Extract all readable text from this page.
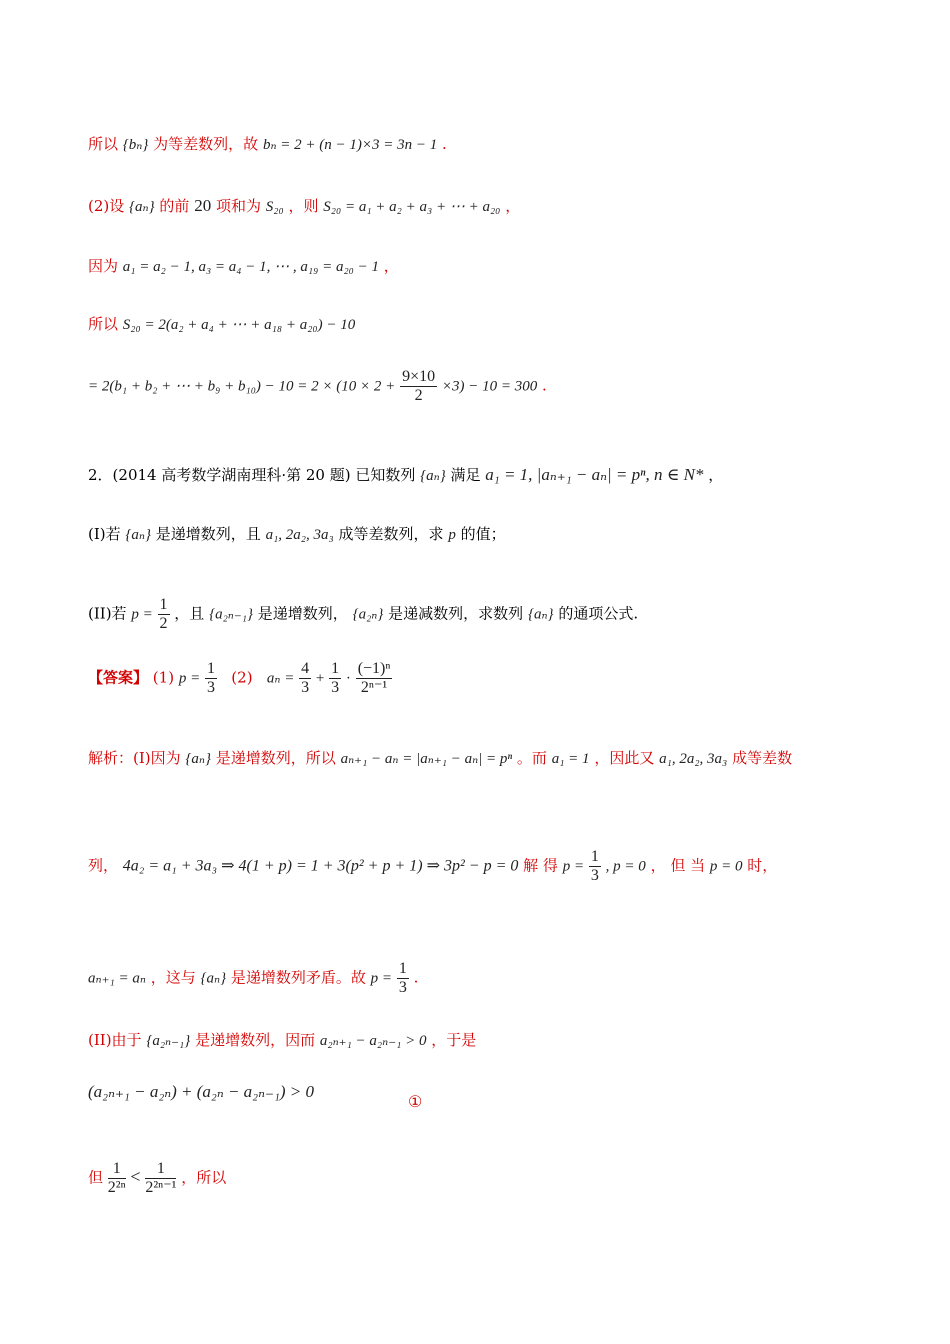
所以 {bₙ} 为等差数列，故 bₙ = 2 + (n − 1)×3 = 3n − 1 .
(2)设 {aₙ} 的前 20 项和为 S₂₀ ，则 S₂₀ = a₁ + a₂ + a₃ + ⋯ + a₂₀ ，
因为 a₁ = a₂ − 1, a₃ = a₄ − 1, ⋯ , a₁₉ = a₂₀ − 1 ，
所以 S₂₀ = 2(a₂ + a₄ + ⋯ + a₁₈ + a₂₀) − 10
= 2(b₁ + b₂ + ⋯ + $b_9 + b_{10}) - 10 = 2 \times (10 \times 2 + \frac{9\times 10}{2} \times 3) - 10 = 300$ .
2．(2014 高考数学湖南理科·第 20 题) 已知数列 {aₙ} 满足 a₁ = 1, |aₙ₊₁ − aₙ| = pⁿ, n ∈ N* ，
(I)若 {aₙ} 是递增数列，且 a₁, 2a₂, 3a₃ 成等差数列，求 p 的值；
(II)若 $p = \frac{1}{2}$ ，且 {a₂ₙ₋₁} 是递增数列， {a₂ₙ} 是递减数列，求数列 {aₙ} 的通项公式.
【答案】 (1) $p = \frac{1}{3} (2) a_n = \frac{4}{3} + \frac{1}{3} \cdot \frac{\text{(−1)ⁿ}}{\text{2ⁿ⁻¹}}$
解析：(I)因为 {aₙ} 是递增数列，所以 aₙ₊₁ − aₙ = |aₙ₊₁ − aₙ| = pⁿ 。而 a₁ = 1 ，因此又 a₁, 2a₂, 3a₃ 成等差数
列， 4a₂ = a₁ + 3a₃ ⇒ 4(1 + p) = 1 + 3(p² + p + 1) ⇒ 3p² − p = 0 解 得 $p = \frac{1}{3}$ , p = 0 ， 但 当 p = 0 时，
aₙ₊₁ = aₙ ，这与 {aₙ} 是递增数列矛盾。故 $p = \frac{1}{3}$ .
(II)由于 {a₂ₙ₋₁} 是递增数列，因而 a₂ₙ₊₁ − a₂ₙ₋₁ > 0 ，于是
(a₂ₙ₊₁ − a₂ₙ) + (a₂ₙ − a₂ₙ₋₁) > 0
①
但 $\frac{1}{\text{2²ⁿ}} < \frac{1}{\text{2²ⁿ⁻¹}}$ ，所以
